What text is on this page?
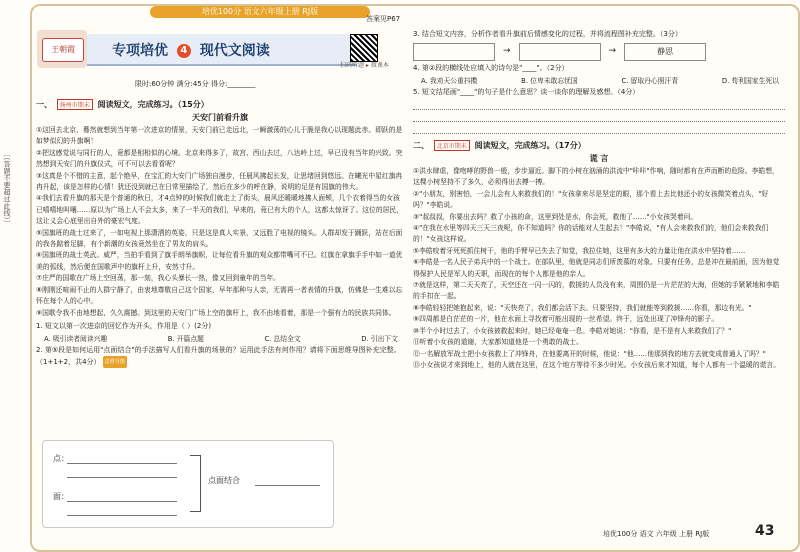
培优100分 语文六年级上册 RJ版
答案见P67
〔（答题不要超过此线）〕
王朝霞	专项培优 4 现代文阅读
扫码听题 ▸ 微课本
限时:60分钟 满分:45分 得分:________
一、 扬州市期末 阅读短文，完成练习。（15分）
天安门前看升旗

①这回去北京，蓦然就想到当年第一次进京的情景，天安门前已走远北，一瞬激荡的心儿于脆是我心以现题此赤。即跃的是如梦似幻的升旗啊！

②把这感觉说与同行的人，竟都是相相似的心境。北京来得多了，故宫、西山去过，八达岭上过，早已没有当年的兴致。突然想到天安门的升旗仪式，可不可以去看看呢？

③这真是个不错的主意，起个绝早，在宝汇的大安门广场独自漫步，任晨风拂起长发，让思绪回到悠远。在曦光中星红旗冉冉升起，该是怎样的心情！犹还没到就已在日常里描绘了，然后在多少的呼在静，说明的足是有国旗的伟大。

④我们去看升旗的那天是个普通的秋日，才4点钟的时候我们就走上了街头，晨风还暖暖地拂人面颊，几个衣着得当的女孩已嘻嘻地叫嚷……原以为广场上人不会太多，来了一半天的我们，早来的，竟已有大的个人，这都太惊讶了。这位的居民，这让义会心底里出自外的豪宏气度。

⑤国旗班的战士过来了，一如电视上那潇洒的英姿，只是这是真人实景，又远胜了电视的镜头。人群却发于踊跃，站在后面的我各踮着足脚，有个新潮的女孩竟然坐在了男友的肩头。

⑥国旗班的战士英武。威严，当拍手看到了旗手朗举旗帜，让每位看升旗的观众都带嘴可不已。红旗在拿旗手手中如一道优美的弧线，然后便在国歌声中的旗杆上升，安然寸升。

⑦庄严的国歌在广场上空回荡，那一刻，我心头暴长一热，像又回到童年的当年。

⑧刚刚还喧闹不止的人群宁静了，由衷地尊敬自己这个国家，早年那种与人亲，无需再一者表情的升旗，仿佛是一生难以忘怀在每个人的心中。

⑨国歌令我不由地想起，久久震撼。到这里的天安门广场上空的旗杆上，我不由地看着，那是一个强有力的民族共同体。

1. 短文以第一次进京的回忆作为开头，作用是（ ）(2分)
A. 吸引读者阅读兴趣	B. 开篇点题	C. 总结全文	D. 引出下文
2. 第⑤段是如何运用"点面结合"的手法描写人们看升旗的场景的？运用此手法有何作用？请将下面思维导图补充完整。（1+1+2，共4分） 思维导图
点：
面：
点面结合
3. 结合短文内容，分析作者看升旗前后情感变化的过程，并将流程图补充完整。（3分）
→	→	静思
4. 第②段的横线处应填入的诗句是"____"。（2分）
A. 我劝天公重抖擞	B. 位卑未敢忘忧国	C. 留取丹心照汗青	D. 苟利国家生死以
5. 短文结尾画"____"的句子是什么意思？谈一谈你的理解及感想。（4分）
二、 北京市期末 阅读短文，完成练习。（17分）
谎 言

①洪水肆虐，像咆哮的野兽一般，步步逼近。脚下的小树在汹涌的洪流中"咔咔"作响，随时都有在声而断的危险。李皓想，这棵小树坚持不了多久，必须得出去搏一搏。

②"小朋友，别害怕，一会儿会有人来救我们的！"女孩拿来尽是坚定的眼，那个看上去比他还小的女孩微笑着点头，"好吗？"李皓说。

③"叔叔叔，你要出去吗？救了小孩的命，这里到处是水，你会死，救他了……"小女孩哭着问。

④"在我在水里等四天三天三夜呢，你不知道吗？你的话能对人生起去！"李皓说，"有人会来救我们的，他们会来救我们的！"女孩这样说。

⑤李皓咬着牙死死抓住树干，他的手臂早已失去了知觉，我拉住她，这里有多大的力量让他在洪水中坚持着……

⑥李皓是一名人民子弟兵中的一个战士。在部队里，他就是同志们所羡慕的对象。只要有任务，总是冲在最前面，因为他觉得保护人民是军人的天职，而现在的每个人都是他的亲人。

⑦就是这样，第二天天亮了，天空还在一闪一闪的，救援的人员没有来，周围仍是一片茫茫的大海，但她的手紧紧地和李皓的手扣在一起。

⑧李皓轻轻把她抱起来，说："天快亮了，我们都会活下去。只要坚持，我们就能等到救援……你看，那边有光。"

⑨四周都是白茫茫的一片，他在水面上寻找着可能出现的一丝希望。终于，远处出现了冲锋舟的影子。

⑩半个小时过去了，小女孩被救起来时，她已经奄奄一息。李皓对她说："你看，是不是有人来救我们了？"

⑪听着小女孩的道谢，大家都知道他是一个勇敢的战士。

⑫一名解放军战士把小女孩救上了冲锋舟，在他要离开的时候，他说："他……他那到我的地方去就变成普通人了吗？"

⑬小女孩说才来到地上，他的人就在这里，在这个地方等待不多少时光。小女孩后来才知道，每个人都有一个温暖的谎言。

培优100分 语文 六年级 上册 RJ版	43
